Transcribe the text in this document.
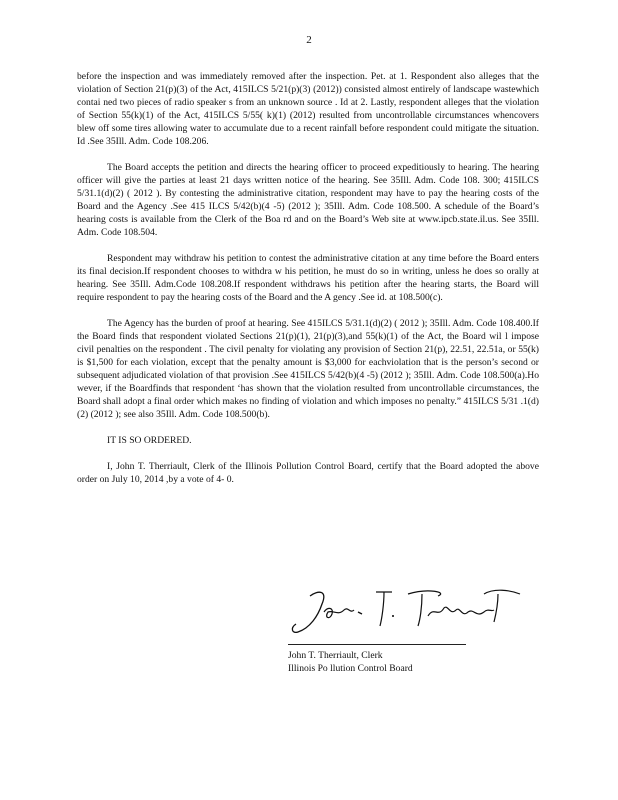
2

before the inspection and was immediately removed after the inspection. Pet. at 1. Respondent also alleges that the violation of Section 21(p)(3) of the Act, 415ILCS 5/21(p)(3) (2012)) consisted almost entirely of landscape wastewhich contai ned two pieces of radio speaker s from an unknown source . Id at 2. Lastly, respondent alleges that the violation of Section 55(k)(1) of the Act, 415ILCS 5/55( k)(1) (2012) resulted from uncontrollable circumstances whencovers blew off some tires allowing water to accumulate due to a recent rainfall before respondent could mitigate the situation. Id .See 35Ill. Adm. Code 108.206.

The Board accepts the petition and directs the hearing officer to proceed expeditiously to hearing. The hearing officer will give the parties at least 21 days written notice of the hearing. See 35Ill. Adm. Code 108. 300; 415ILCS 5/31.1(d)(2) ( 2012 ). By contesting the administrative citation, respondent may have to pay the hearing costs of the Board and the Agency .See 415 ILCS 5/42(b)(4 -5) (2012 ); 35Ill. Adm. Code 108.500. A schedule of the Board’s hearing costs is available from the Clerk of the Boa rd and on the Board’s Web site at www.ipcb.state.il.us. See 35Ill. Adm. Code 108.504.

Respondent may withdraw his petition to contest the administrative citation at any time before the Board enters its final decision.If respondent chooses to withdra w his petition, he must do so in writing, unless he does so orally at hearing. See 35Ill. Adm.Code 108.208.If respondent withdraws his petition after the hearing starts, the Board will require respondent to pay the hearing costs of the Board and the A gency .See id. at 108.500(c).

The Agency has the burden of proof at hearing. See 415ILCS 5/31.1(d)(2) ( 2012 ); 35Ill. Adm. Code 108.400.If the Board finds that respondent violated Sections 21(p)(1), 21(p)(3),and 55(k)(1) of the Act, the Board wil l impose civil penalties on the respondent . The civil penalty for violating any provision of Section 21(p), 22.51, 22.51a, or 55(k) is $1,500 for each violation, except that the penalty amount is $3,000 for eachviolation that is the person’s second or subsequent adjudicated violation of that provision .See 415ILCS 5/42(b)(4 -5) (2012 ); 35Ill. Adm. Code 108.500(a).Ho wever, if the Boardfinds that respondent ‘has shown that the violation resulted from uncontrollable circumstances, the Board shall adopt a final order which makes no finding of violation and which imposes no penalty.” 415ILCS 5/31 .1(d)(2) (2012 ); see also 35Ill. Adm. Code 108.500(b).

IT IS SO ORDERED.

I, John T. Therriault, Clerk of the Illinois Pollution Control Board, certify that the Board adopted the above order on July 10, 2014 ,by a vote of 4- 0.

John T. Therriault, Clerk
Illinois Po llution Control Board
